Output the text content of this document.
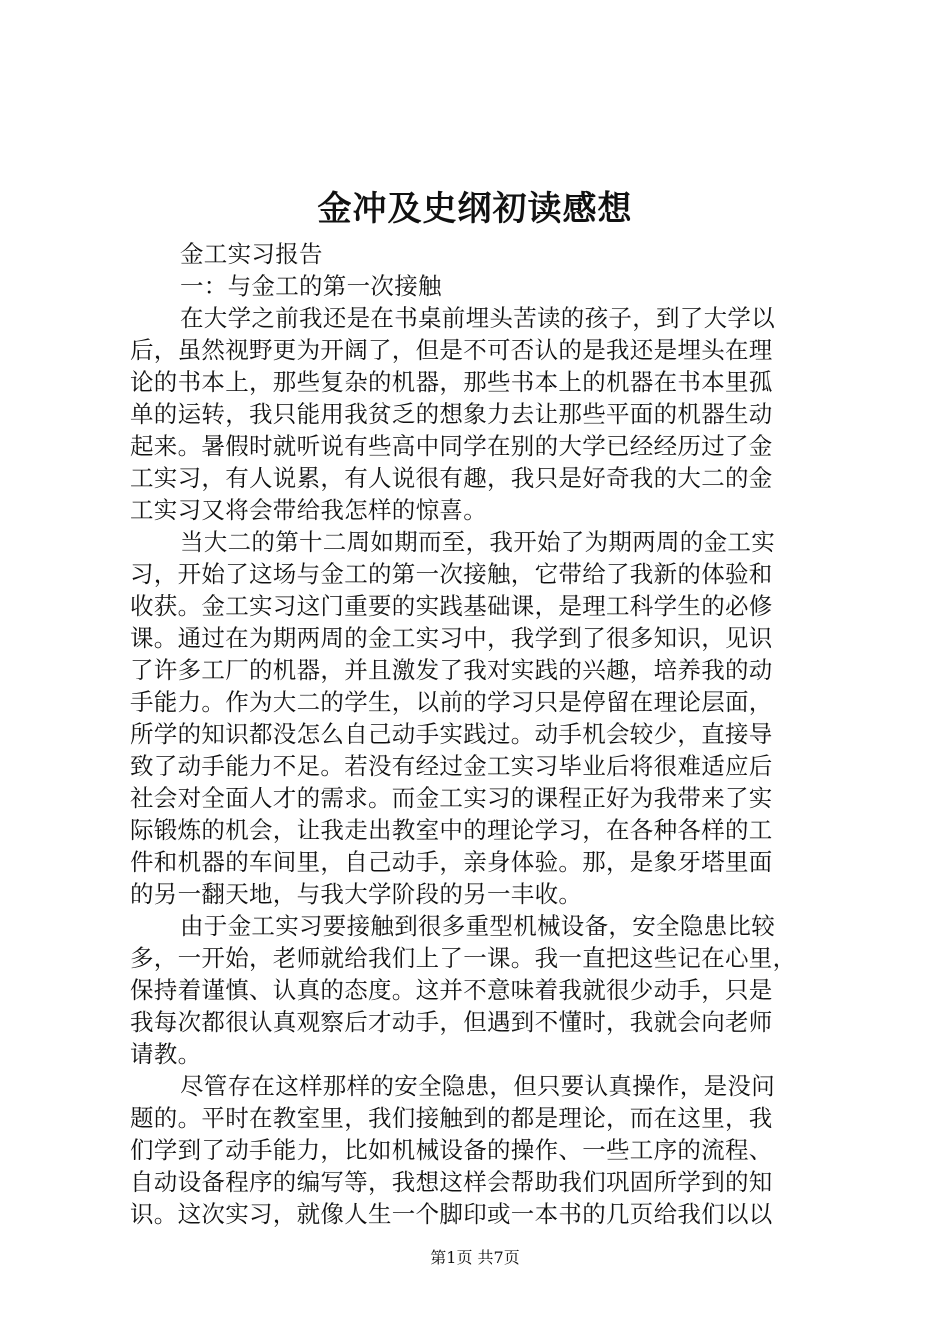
金冲及史纲初读感想
金工实习报告
一：与金工的第一次接触
在大学之前我还是在书桌前埋头苦读的孩子，到了大学以
后，虽然视野更为开阔了，但是不可否认的是我还是埋头在理
论的书本上，那些复杂的机器，那些书本上的机器在书本里孤
单的运转，我只能用我贫乏的想象力去让那些平面的机器生动
起来。暑假时就听说有些高中同学在别的大学已经经历过了金
工实习，有人说累，有人说很有趣，我只是好奇我的大二的金
工实习又将会带给我怎样的惊喜。
当大二的第十二周如期而至，我开始了为期两周的金工实
习，开始了这场与金工的第一次接触，它带给了我新的体验和
收获。金工实习这门重要的实践基础课，是理工科学生的必修
课。通过在为期两周的金工实习中，我学到了很多知识，见识
了许多工厂的机器，并且激发了我对实践的兴趣，培养我的动
手能力。作为大二的学生，以前的学习只是停留在理论层面，
所学的知识都没怎么自己动手实践过。动手机会较少，直接导
致了动手能力不足。若没有经过金工实习毕业后将很难适应后
社会对全面人才的需求。而金工实习的课程正好为我带来了实
际锻炼的机会，让我走出教室中的理论学习，在各种各样的工
件和机器的车间里，自己动手，亲身体验。那，是象牙塔里面
的另一翻天地，与我大学阶段的另一丰收。
由于金工实习要接触到很多重型机械设备，安全隐患比较
多，一开始，老师就给我们上了一课。我一直把这些记在心里，
保持着谨慎、认真的态度。这并不意味着我就很少动手，只是
我每次都很认真观察后才动手，但遇到不懂时，我就会向老师
请教。
尽管存在这样那样的安全隐患，但只要认真操作，是没问
题的。平时在教室里，我们接触到的都是理论，而在这里，我
们学到了动手能力，比如机械设备的操作、一些工序的流程、
自动设备程序的编写等，我想这样会帮助我们巩固所学到的知
识。这次实习，就像人生一个脚印或一本书的几页给我们以以
第1页 共7页
